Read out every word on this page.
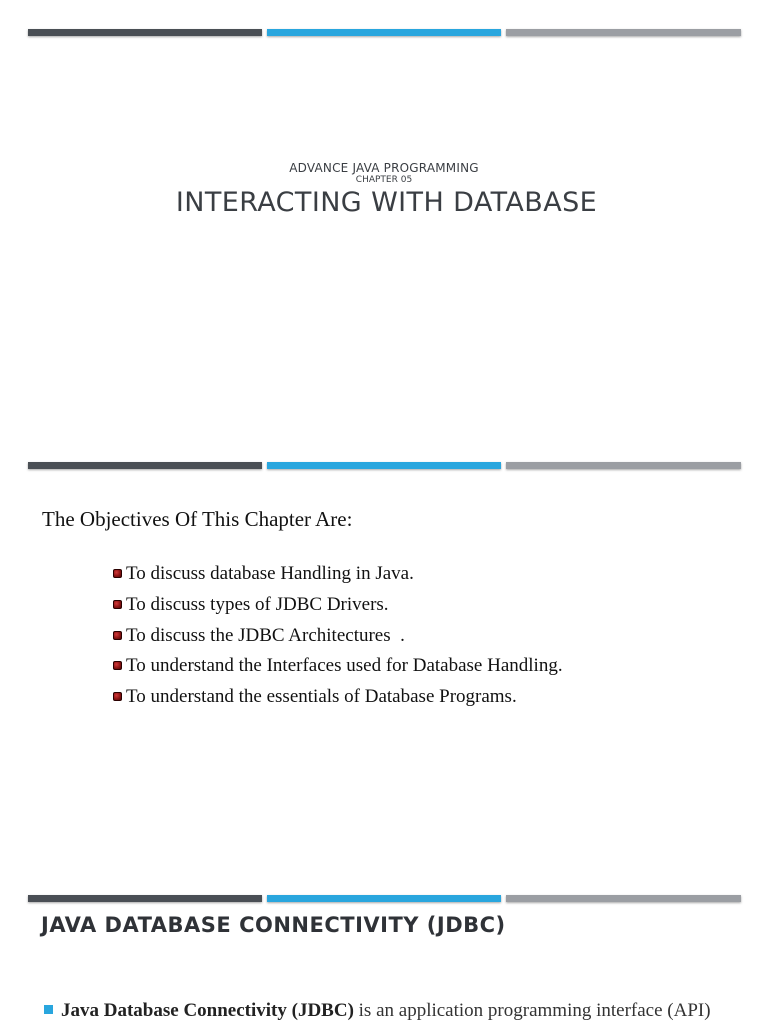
ADVANCE JAVA PROGRAMMING
CHAPTER 05
INTERACTING WITH DATABASE
The Objectives Of This Chapter Are:
To discuss database Handling in Java.
To discuss types of JDBC Drivers.
To discuss the JDBC Architectures  .
To understand the Interfaces used for Database Handling.
To understand the essentials of Database Programs.
JAVA DATABASE CONNECTIVITY (JDBC)
Java Database Connectivity (JDBC) is an application programming interface (API)
